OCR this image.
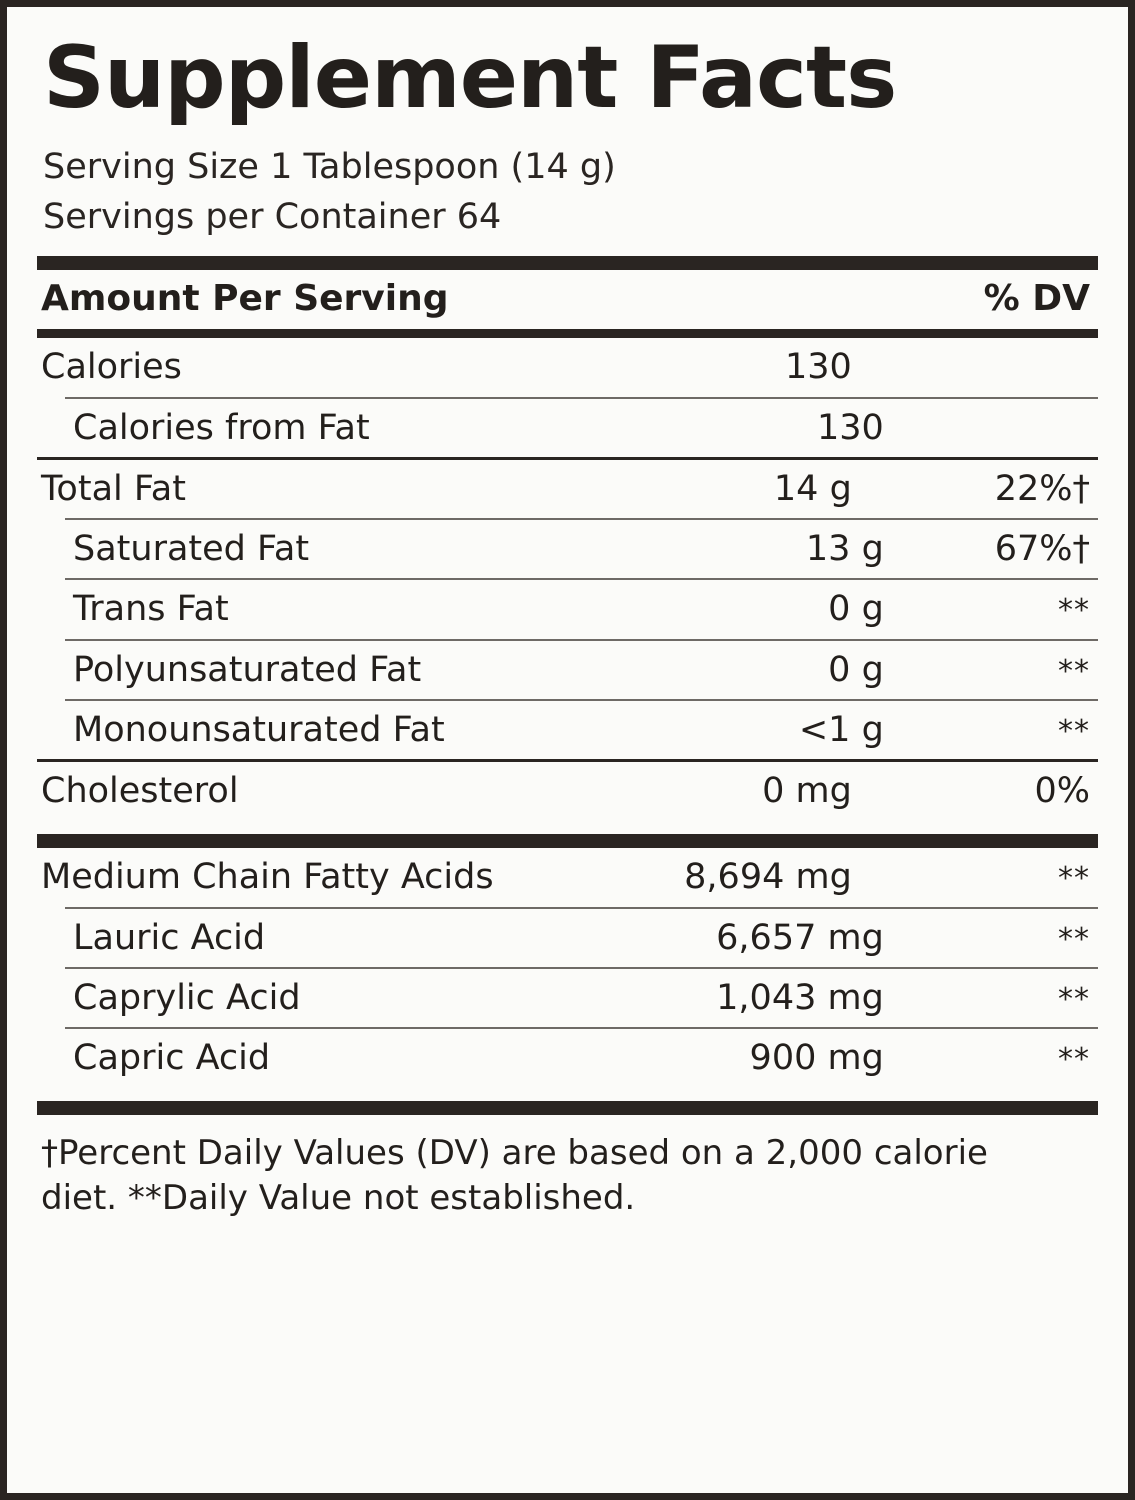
Supplement Facts
Serving Size 1 Tablespoon (14 g)
Servings per Container 64
Amount Per Serving	% DV
Calories	130
Calories from Fat	130
Total Fat	14 g	22%†
Saturated Fat	13 g	67%†
Trans Fat	0 g	**
Polyunsaturated Fat	0 g	**
Monounsaturated Fat	<1 g	**
Cholesterol	0 mg	0%
Medium Chain Fatty Acids	8,694 mg	**
Lauric Acid	6,657 mg	**
Caprylic Acid	1,043 mg	**
Capric Acid	900 mg	**
†Percent Daily Values (DV) are based on a 2,000 calorie
diet. **Daily Value not established.
